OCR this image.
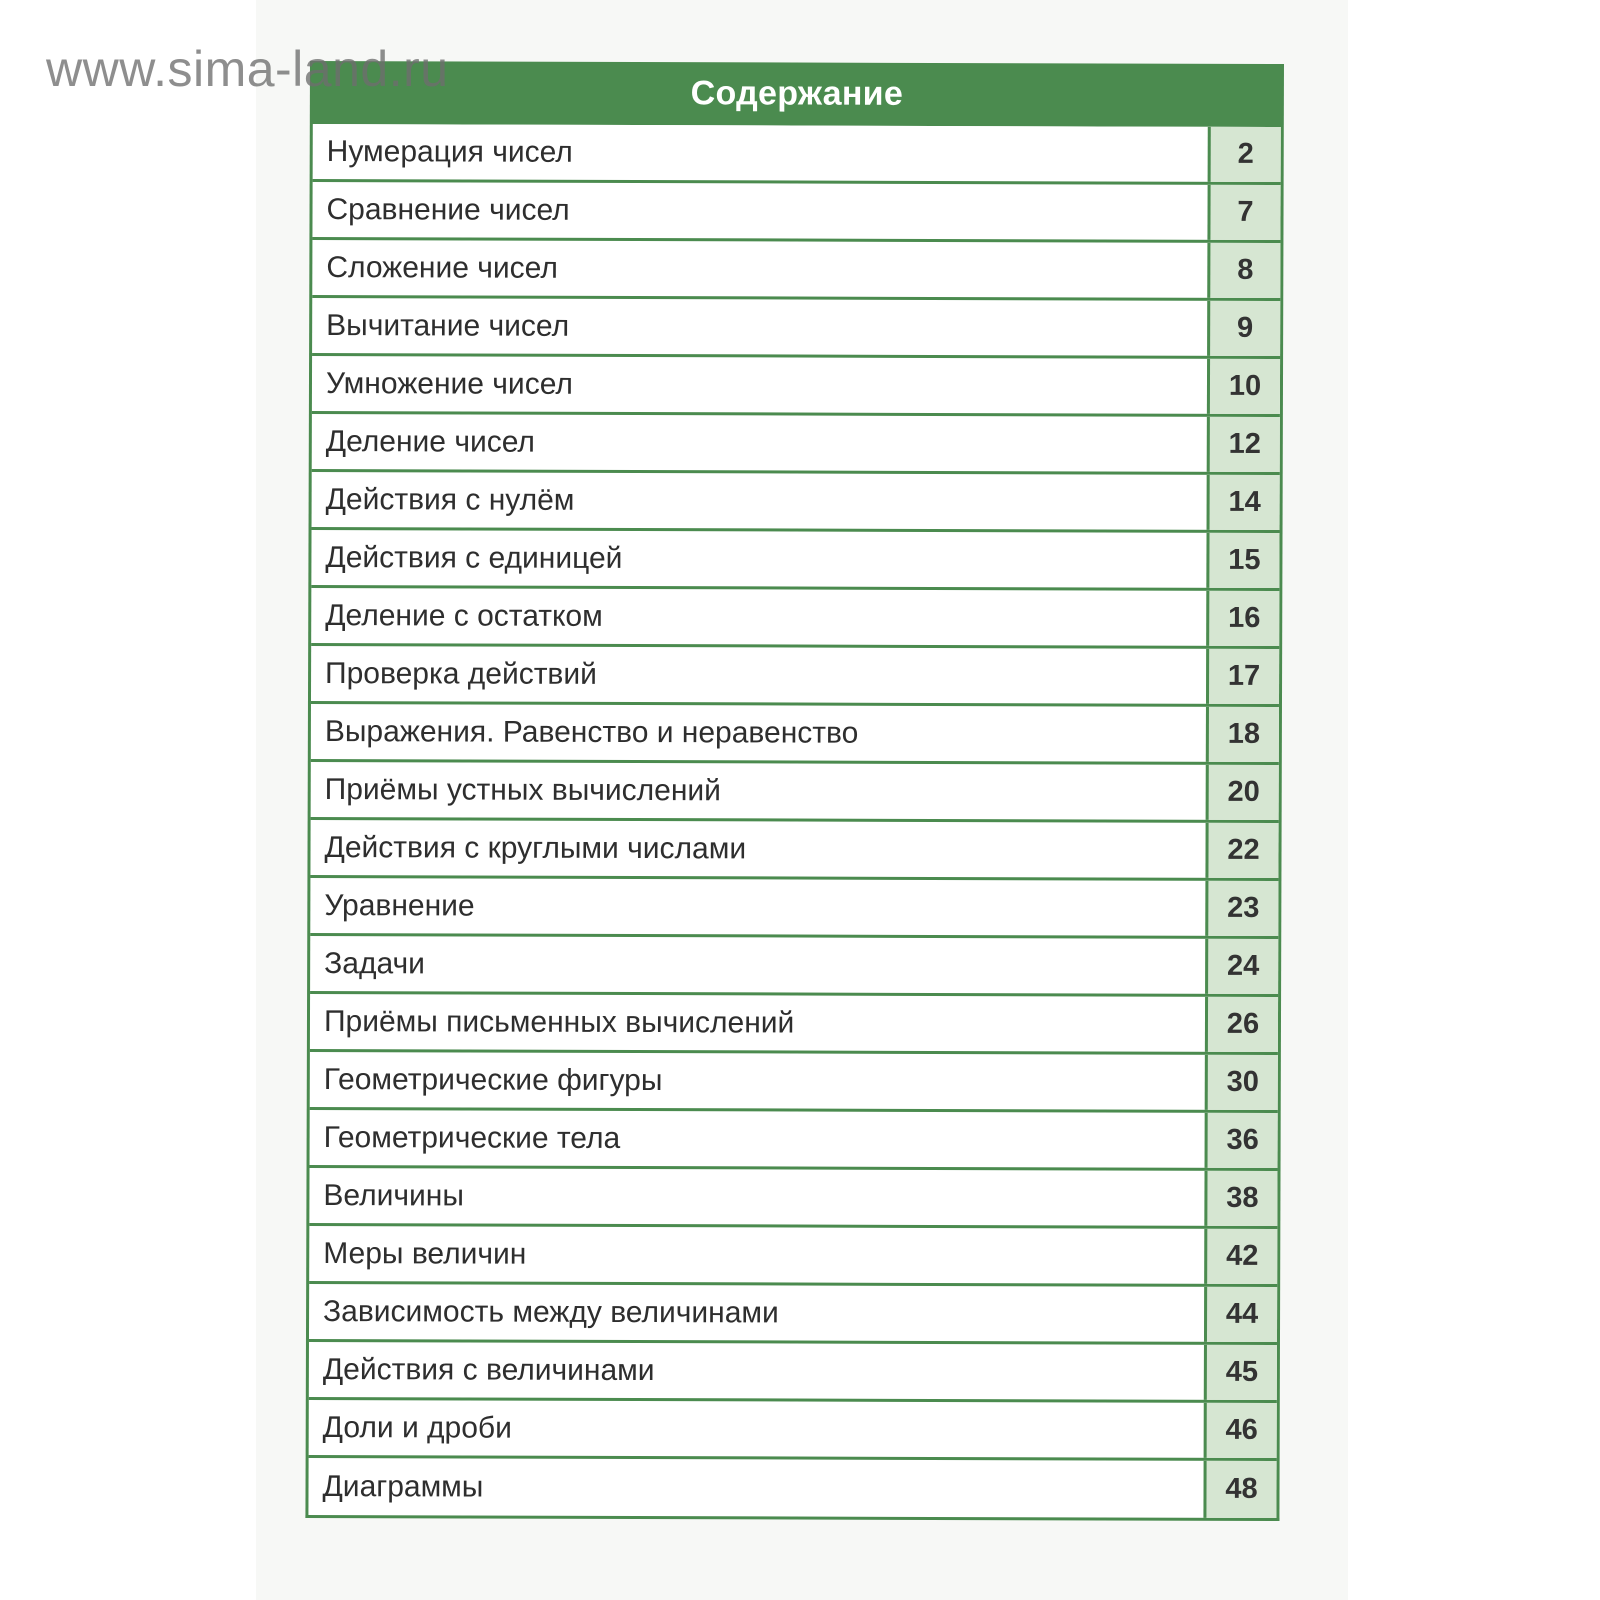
www.sima-land.ru	Содержание
Нумерация чисел	2
Сравнение чисел	7
Сложение чисел	8
Вычитание чисел	9
Умножение чисел	10
Деление чисел	12
Действия с нулём	14
Действия с единицей	15
Деление с остатком	16
Проверка действий	17
Выражения. Равенство и неравенство	18
Приёмы устных вычислений	20
Действия с круглыми числами	22
Уравнение	23
Задачи	24
Приёмы письменных вычислений	26
Геометрические фигуры	30
Геометрические тела	36
Величины	38
Меры величин	42
Зависимость между величинами	44
Действия с величинами	45
Доли и дроби	46
Диаграммы	48
